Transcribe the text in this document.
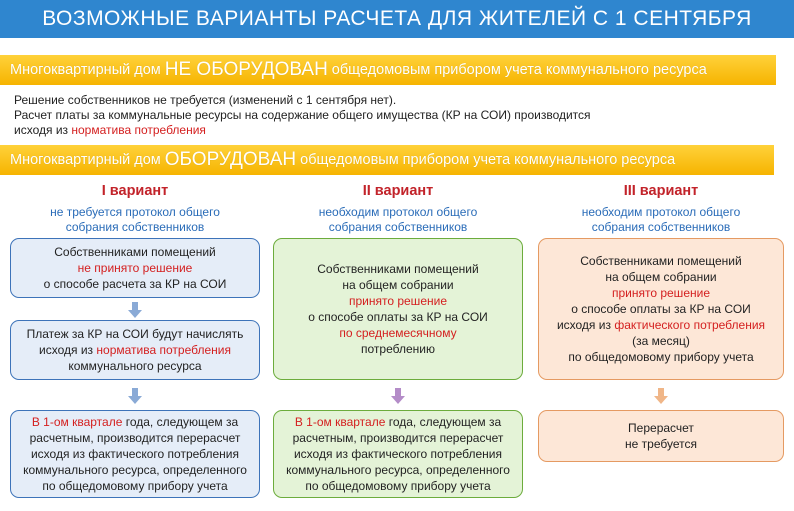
ВОЗМОЖНЫЕ ВАРИАНТЫ РАСЧЕТА ДЛЯ ЖИТЕЛЕЙ С 1 СЕНТЯБРЯ
Многоквартирный дом НЕ ОБОРУДОВАН общедомовым прибором учета коммунального ресурса
Решение собственников не требуется (изменений с 1 сентября нет).
Расчет платы за коммунальные ресурсы на содержание общего имущества (КР на СОИ) производится
исходя из норматива потребления
Многоквартирный дом ОБОРУДОВАН общедомовым прибором учета коммунального ресурса
I вариант
не требуется протокол общего
собрания собственников
II вариант
необходим протокол общего
собрания собственников
III вариант
необходим протокол общего
собрания собственников
Собственниками помещений
не принято решение
о способе расчета за КР на СОИ
Платеж за КР на СОИ будут начислять
исходя из норматива потребления
коммунального ресурса
В 1-ом квартале года, следующем за
расчетным, производится перерасчет
исходя из фактического потребления
коммунального ресурса, определенного
по общедомовому прибору учета
Собственниками помещений
на общем собрании
принято решение
о способе оплаты за КР на СОИ
по среднемесячному
потреблению
В 1-ом квартале года, следующем за
расчетным, производится перерасчет
исходя из фактического потребления
коммунального ресурса, определенного
по общедомовому прибору учета
Собственниками помещений
на общем собрании
принято решение
о способе оплаты за КР на СОИ
исходя из фактического потребления
(за месяц)
по общедомовому прибору учета
Перерасчет
не требуется
